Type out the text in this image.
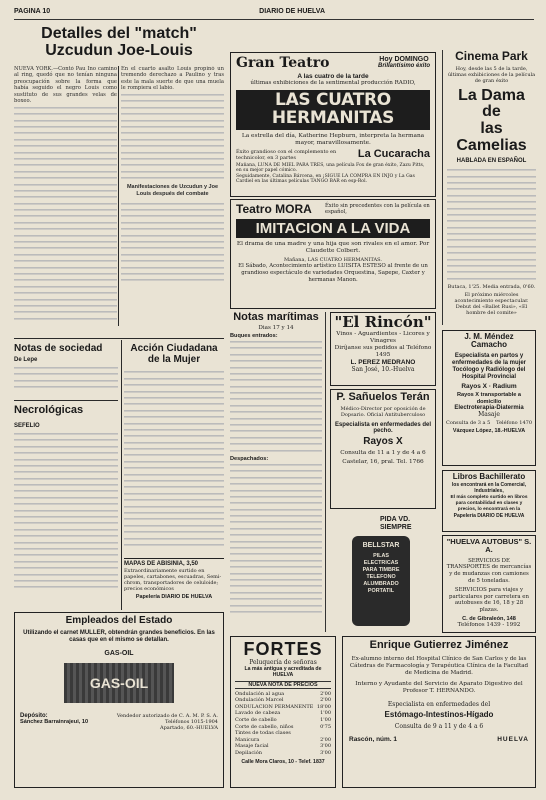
PAGINA 10	DIARIO DE HUELVA
Detalles del "match"
Uzcudun Joe-Louis
NUEVA YORK.—Contó Pau Ino camino al ring, quedó que no tenían ninguna preocupación sobre la forma que había seguido el negro Louis como sustituto de sus grandes velas de boxeo.
En el cuarto asalto Louis propinó un tremendo derechazo a Paulino y tras este la mala suerte de que una muela le rompiera el labio.
Manifestaciones de Uzcudun y Joe Louis después del combate
Notas de sociedad
De Lepe
Necrológicas
SEFELIO
Acción Ciudadana
de la Mujer
MAPAS DE ABISINIA, 3,50
Extraordinariamente surtido en papeles, cartabones, escuadras, Semi-chrom, transportadores de celuloide; precios económicos
Papelería DIARIO DE HUELVA
Gran Teatro	Hoy DOMINGO
Brillantísimo éxito
A las cuatro de la tarde
últimas exhibiciones de la sentimental producción RADIO,
LAS CUATRO HERMANITAS
La estrella del día, Katherine Hepburn, interpreta la hermana mayor, maravillosamente.
Éxito grandioso con el complemento en technicolor, en 3 partes	La Cucaracha
Mañana, LUNA DE MIEL PARA TRES, una película Fox de gran éxito, Zazu Pitts, en su mejor papel cómico.
Seguidamente, Catalina Bárcena, en ¡SIGUE LA COMPRA EN INJO y La Gas Cardiel en las últimas películas TANGO BAR en esp-Rol.
Teatro MORA	Éxito sin precedentes con la película en español,
IMITACION A LA VIDA
El drama de una madre y una hija que son rivales en el amor. Por Claudette Colbert.
Mañana, LAS CUATRO HERMANITAS.
El Sábado, Acontecimiento artístico LUISITA ESTESO al frente de un grandioso espectáculo de variedades Orquestina, Sapepe, Caxter y hermanas Manon.
Cinema Park
Hoy, desde las 5 de la tarde, últimas exhibiciones de la película de gran éxito
La Dama de
las Camelias
HABLADA EN ESPAÑOL
Butaca, 1'25. Media entrada, 0'60.
El próximo miércoles acontecimiento espectacular. Debut del «Ballet Rusi», «El hombre del comite»
Notas marítimas
Dias 17 y 14
Buques entrados:
Despachados:
"El Rincón"
Vinos - Aguardientes - Licores y Vinagres
Diríjanse sus pedidos al Teléfono 1495
L. PEREZ MEDRANO
San José, 10.-Huelva
P. Sañuelos Terán
Médico-Director por oposición de Dopsario. Oficial Antituberculoso
Especialista en enfermedades del pecho.
Rayos X
Consulta de 11 a 1 y de 4 a 6
Castelar, 16, pral. Tel. 1766
PIDA VD.
SIEMPRE
BELLSTAR
PILAS ELECTRICAS PARA TIMBRE TELEFONO ALUMBRADO PORTATIL
J. M. Méndez Camacho
Especialista en partos y enfermedades de la mujer
Tocólogo y Radiólogo del Hospital Provincial
Rayos X · Radium
Rayos X transportable a domicilio
Electroterapia-Diatermia
Masaje
Consulta de 3 a 5 Teléfono 1470
Vázquez López, 18.-HUELVA
Libros Bachillerato
los encontrará en la Comercial, Industriales,
El más completo surtido en libros para contabilidad en clases y precios, lo encontrará en la
Papelería DIARIO DE HUELVA
"HUELVA AUTOBUS" S. A.
SERVICIOS DE TRANSPORTES de mercancías y de mudanzas con camiones de 5 toneladas.
SERVICIOS para viajes y particulares por carretera en autobuses de 16, 18 y 28 plazas.
C. de Gibraleón, 148
Teléfonos 1439 - 1992
Empleados del Estado
Utilizando el carnet MULLER, obtendrán grandes beneficios. En las casas que en el mismo se detallan.
GAS-OIL
GAS-OIL
Depósito:
Sánchez Barrainrajeui, 10
Vendedor autorizado de C. A. M. P. S. A.
Teléfonos 1015-1904
Apartado, 60.-HUELVA
FORTES
Peluquería de señoras
La más antigua y acreditada de HUELVA
NUEVA NOTA DE PRECIOS
Ondulación al agua	2'00
Ondulación Marcel	2'00
ONDULACION PERMANENTE 18'00
Lavado de cabeza	1'00
Corte de cabello	1'00
Corte de cabello, niños	0'75
Tintes de todas clases
Manicura	2'00
Masaje facial	3'00
Depilación	3'00
Calle Mora Claros, 10 - Telef. 1837
Enrique Gutierrez Jiménez
Ex-alumno interno del Hospital Clínico de San Carlos y de las Cátedras de Farmacología y Terapéutica Clínica de la Facultad de Medicina de Madrid.
Interno y Ayudante del Servicio de Aparato Digestivo del Profesor T. HERNANDO.
Especialista en enfermedades del
Estómago-Intestinos-Hígado
Consulta de 9 a 11 y de 4 a 6
Rascón, núm. 1	HUELVA
